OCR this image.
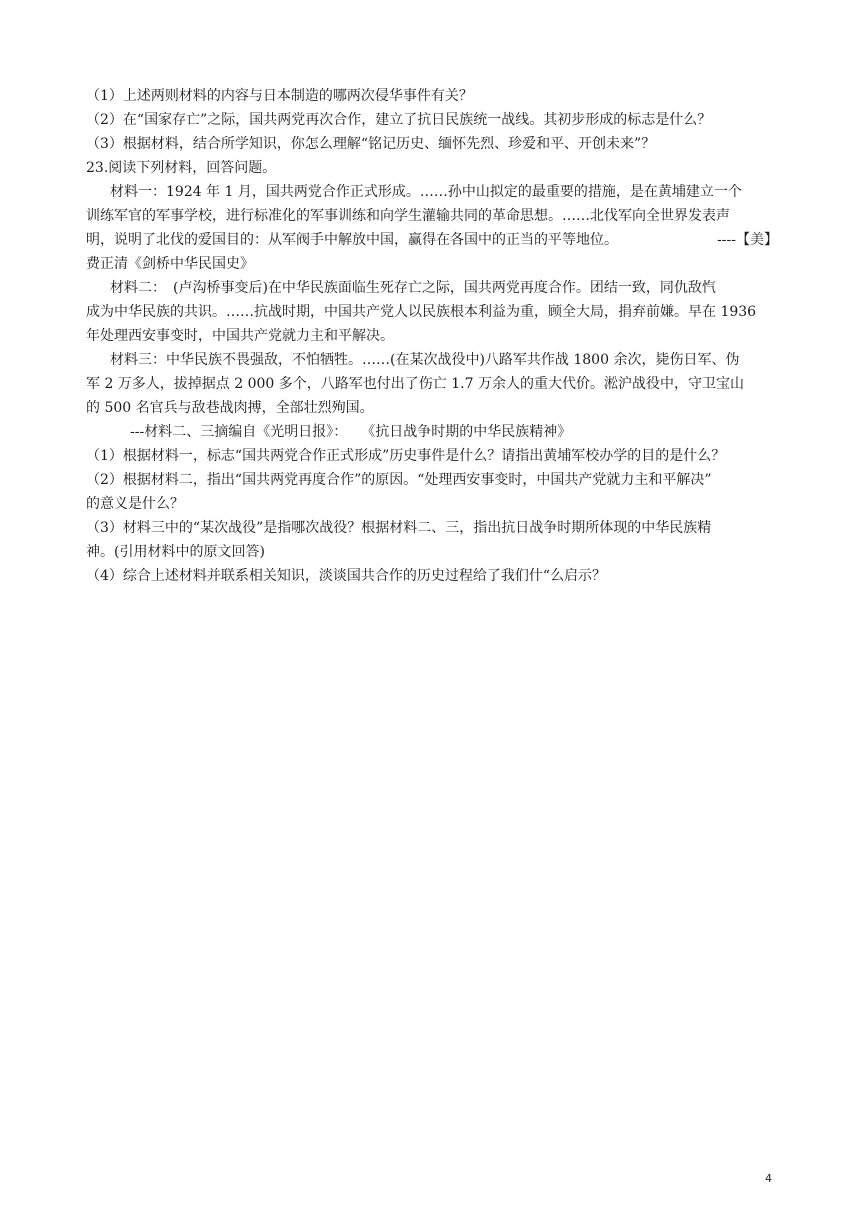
（1）上述两则材料的内容与日本制造的哪两次侵华事件有关？
（2）在“国家存亡”之际，国共两党再次合作，建立了抗日民族统一战线。其初步形成的标志是什么？
（3）根据材料，结合所学知识，你怎么理解“铭记历史、缅怀先烈、珍爱和平、开创未来”？
23.阅读下列材料，回答问题。
材料一：1924 年 1 月，国共两党合作正式形成。……孙中山拟定的最重要的措施，是在黄埔建立一个
训练军官的军事学校，进行标准化的军事训练和向学生灌输共同的革命思想。……北伐军向全世界发表声
明，说明了北伐的爱国目的：从军阀手中解放中国，赢得在各国中的正当的平等地位。	----【美】
费正清《剑桥中华民国史》
材料二：　(卢沟桥事变后)在中华民族面临生死存亡之际，国共两党再度合作。团结一致，同仇敌忾
成为中华民族的共识。……抗战时期，中国共产党人以民族根本利益为重，顾全大局，捐弃前嫌。早在 1936
年处理西安事变时，中国共产党就力主和平解决。
材料三：中华民族不畏强敌，不怕牺牲。……(在某次战役中)八路军共作战 1800 余次，毙伤日军、伪
军 2 万多人，拔掉据点 2 000 多个，八路军也付出了伤亡 1.7 万余人的重大代价。淞沪战役中，守卫宝山
的 500 名官兵与敌巷战肉搏，全部壮烈殉国。
---材料二、三摘编自《光明日报》：　　《抗日战争时期的中华民族精神》
（1）根据材料一，标志“国共两党合作正式形成”历史事件是什么？请指出黄埔军校办学的目的是什么？
（2）根据材料二，指出“国共两党再度合作”的原因。“处理西安事变时，中国共产党就力主和平解决”
的意义是什么？
（3）材料三中的“某次战役”是指哪次战役？根据材料二、三，指出抗日战争时期所体现的中华民族精
神。(引用材料中的原文回答)
（4）综合上述材料并联系相关知识，淡谈国共合作的历史过程给了我们什“么启示？
4
